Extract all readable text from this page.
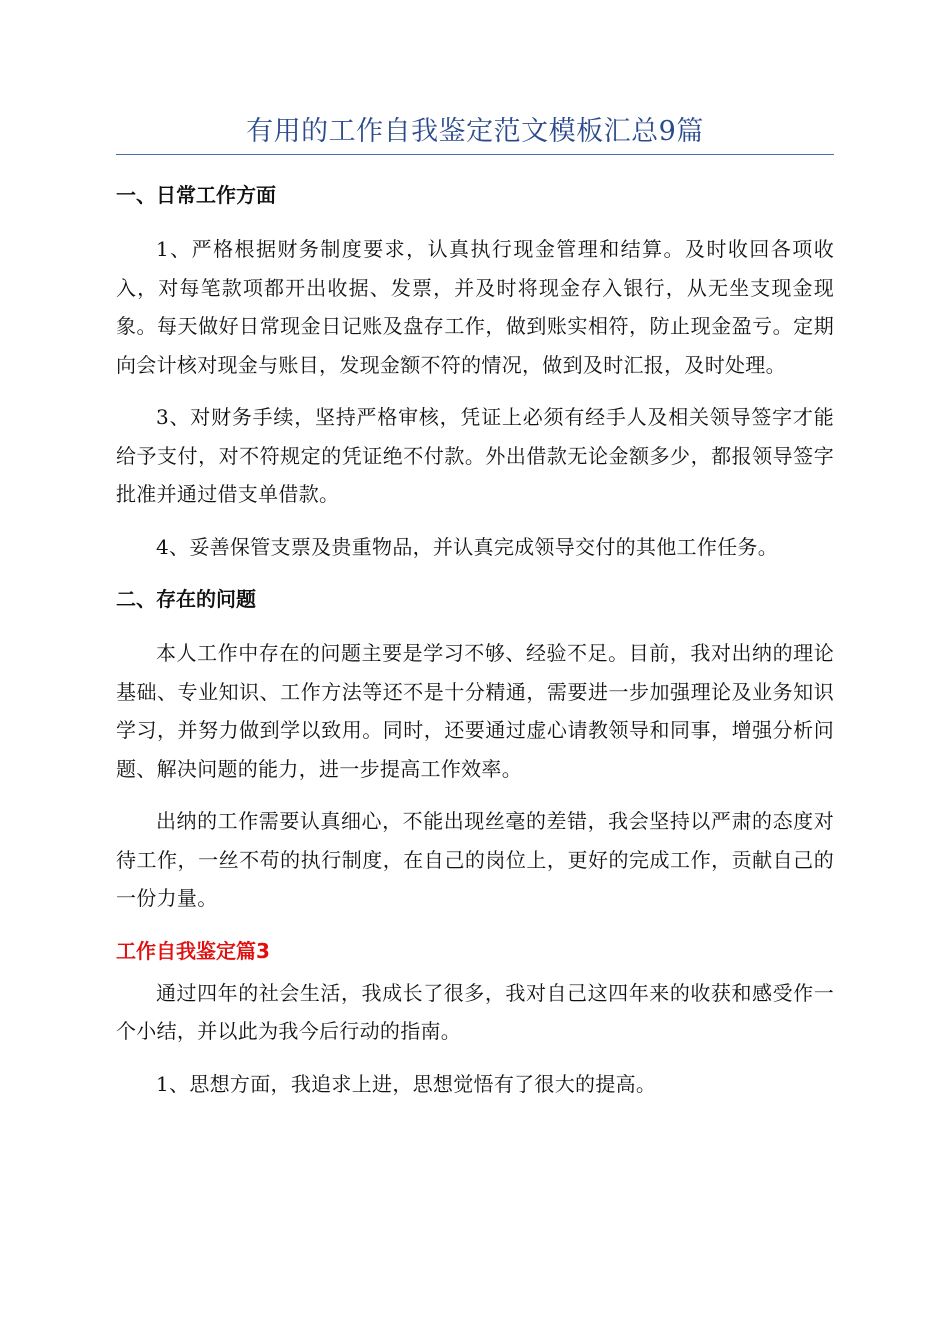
有用的工作自我鉴定范文模板汇总9篇
一、日常工作方面

1、严格根据财务制度要求，认真执行现金管理和结算。及时收回各项收入，对每笔款项都开出收据、发票，并及时将现金存入银行，从无坐支现金现象。每天做好日常现金日记账及盘存工作，做到账实相符，防止现金盈亏。定期向会计核对现金与账目，发现金额不符的情况，做到及时汇报，及时处理。

3、对财务手续，坚持严格审核，凭证上必须有经手人及相关领导签字才能给予支付，对不符规定的凭证绝不付款。外出借款无论金额多少，都报领导签字批准并通过借支单借款。

4、妥善保管支票及贵重物品，并认真完成领导交付的其他工作任务。

二、存在的问题

本人工作中存在的问题主要是学习不够、经验不足。目前，我对出纳的理论基础、专业知识、工作方法等还不是十分精通，需要进一步加强理论及业务知识学习，并努力做到学以致用。同时，还要通过虚心请教领导和同事，增强分析问题、解决问题的能力，进一步提高工作效率。

出纳的工作需要认真细心，不能出现丝毫的差错，我会坚持以严肃的态度对待工作，一丝不苟的执行制度，在自己的岗位上，更好的完成工作，贡献自己的一份力量。

工作自我鉴定篇3

通过四年的社会生活，我成长了很多，我对自己这四年来的收获和感受作一个小结，并以此为我今后行动的指南。

1、思想方面，我追求上进，思想觉悟有了很大的提高。
